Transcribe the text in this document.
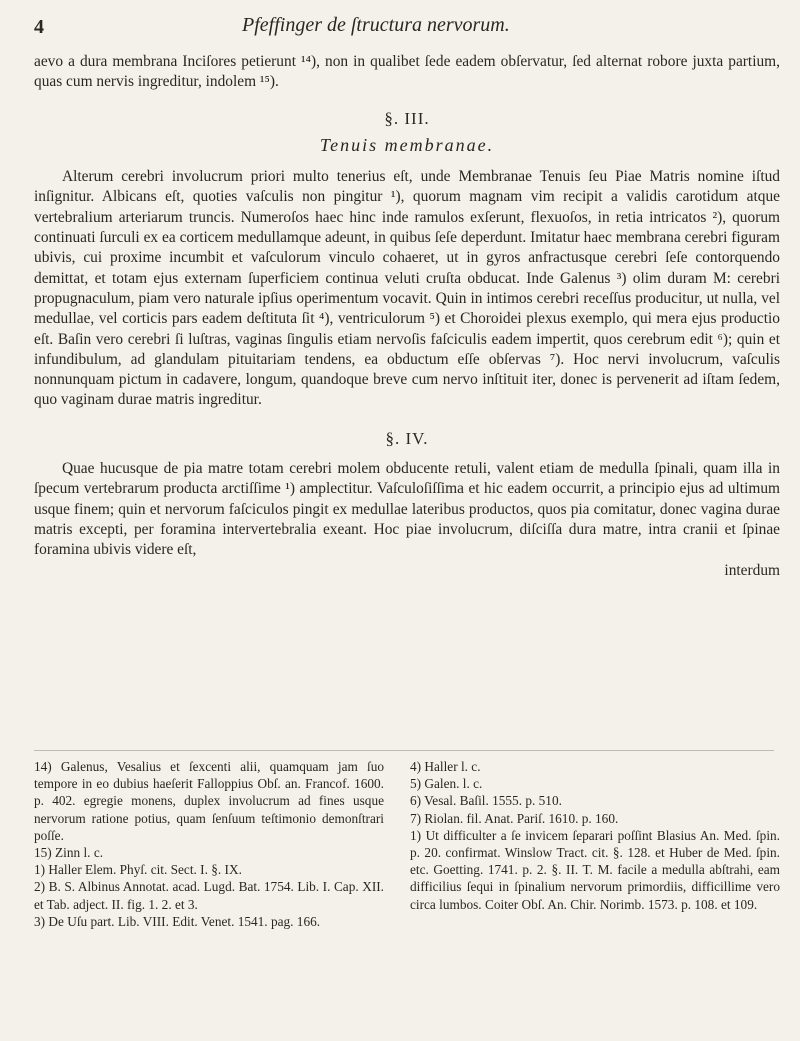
4	Pfeffinger de ſtructura nervorum.

aevo a dura membrana Inciſores petierunt ¹⁴), non in qualibet ſede eadem obſervatur, ſed alternat robore juxta partium, quas cum nervis ingreditur, indolem ¹⁵).

§. III.
Tenuis membranae.

Alterum cerebri involucrum priori multo tenerius eſt, unde Membranae Tenuis ſeu Piae Matris nomine iſtud inſignitur. Albicans eſt, quoties vaſculis non pingitur ¹), quorum magnam vim recipit a validis carotidum atque vertebralium arteriarum truncis. Numeroſos haec hinc inde ramulos exſerunt, flexuoſos, in retia intricatos ²), quorum continuati ſurculi ex ea corticem medullamque adeunt, in quibus ſeſe deperdunt. Imitatur haec membrana cerebri figuram ubivis, cui proxime incumbit et vaſculorum vinculo cohaeret, ut in gyros anfractusque cerebri ſeſe contorquendo demittat, et totam ejus externam ſuperficiem continua veluti cruſta obducat. Inde Galenus ³) olim duram M: cerebri propugnaculum, piam vero naturale ipſius operimentum vocavit. Quin in intimos cerebri receſſus producitur, ut nulla, vel medullae, vel corticis pars eadem deſtituta ſit ⁴), ventriculorum ⁵) et Choroidei plexus exemplo, qui mera ejus productio eſt. Baſin vero cerebri ſi luſtras, vaginas ſingulis etiam nervoſis faſciculis eadem impertit, quos cerebrum edit ⁶); quin et infundibulum, ad glandulam pituitariam tendens, ea obductum eſſe obſervas ⁷). Hoc nervi involucrum, vaſculis nonnunquam pictum in cadavere, longum, quandoque breve cum nervo inſtituit iter, donec is pervenerit ad iſtam ſedem, quo vaginam durae matris ingreditur.

§. IV.

Quae hucusque de pia matre totam cerebri molem obducente retuli, valent etiam de medulla ſpinali, quam illa in ſpecum vertebrarum producta arctiſſime ¹) amplectitur. Vaſculoſiſſima et hic eadem occurrit, a principio ejus ad ultimum usque finem; quin et nervorum faſciculos pingit ex medullae lateribus productos, quos pia comitatur, donec vagina durae matris excepti, per foramina intervertebralia exeant. Hoc piae involucrum, diſciſſa dura matre, intra cranii et ſpinae foramina ubivis videre eſt,

interdum

14) Galenus, Vesalius et ſexcenti alii, quamquam jam ſuo tempore in eo dubius haeſerit Falloppius Obſ. an. Francof. 1600. p. 402. egregie monens, duplex involucrum ad fines usque nervorum ratione potius, quam ſenſuum teſtimonio demonſtrari poſſe.

15) Zinn l. c.

1) Haller Elem. Phyſ. cit. Sect. I. §. IX.

2) B. S. Albinus Annotat. acad. Lugd. Bat. 1754. Lib. I. Cap. XII. et Tab. adject. II. fig. 1. 2. et 3.

3) De Uſu part. Lib. VIII. Edit. Venet. 1541. pag. 166.

4) Haller l. c.

5) Galen. l. c.

6) Vesal. Baſil. 1555. p. 510.

7) Riolan. fil. Anat. Pariſ. 1610. p. 160.

1) Ut difficulter a ſe invicem ſeparari poſſint Blasius An. Med. ſpin. p. 20. confirmat. Winslow Tract. cit. §. 128. et Huber de Med. ſpin. etc. Goetting. 1741. p. 2. §. II. T. M. facile a medulla abſtrahi, eam difficilius ſequi in ſpinalium nervorum primordiis, difficillime vero circa lumbos. Coiter Obſ. An. Chir. Norimb. 1573. p. 108. et 109.
